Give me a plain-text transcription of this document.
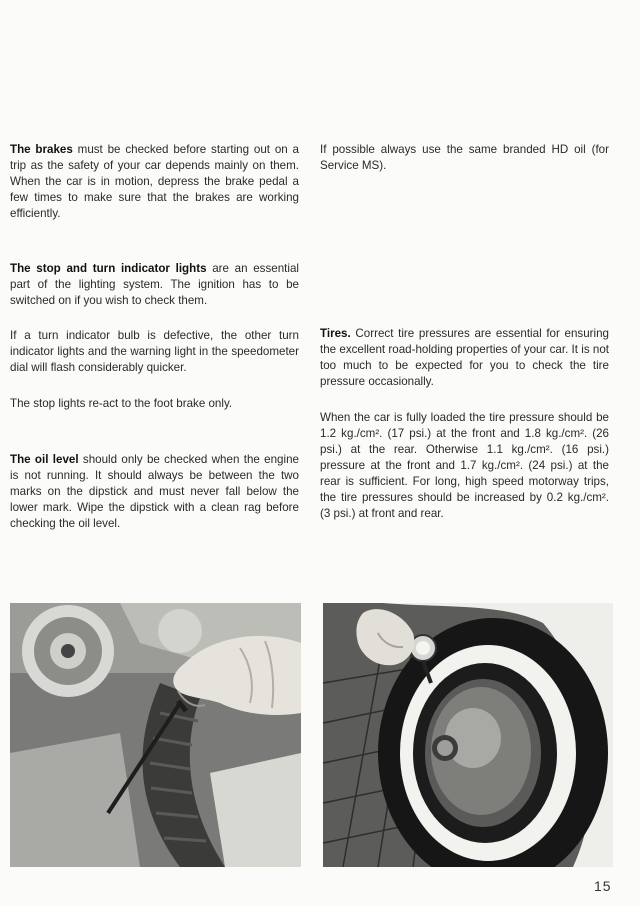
The brakes must be checked before starting out on a trip as the safety of your car depends mainly on them. When the car is in motion, depress the brake pedal a few times to make sure that the brakes are working efficiently.

The stop and turn indicator lights are an essential part of the lighting system. The ignition has to be switched on if you wish to check them.

If a turn indicator bulb is defective, the other turn indicator lights and the warning light in the speedometer dial will flash considerably quicker.

The stop lights re-act to the foot brake only.

The oil level should only be checked when the engine is not running. It should always be between the two marks on the dipstick and must never fall below the lower mark. Wipe the dipstick with a clean rag before checking the oil level.

If possible always use the same branded HD oil (for Service MS).

Tires. Correct tire pressures are essential for ensuring the excellent road-holding properties of your car. It is not too much to be expected for you to check the tire pressure occasionally.

When the car is fully loaded the tire pressure should be 1.2 kg./cm². (17 psi.) at the front and 1.8 kg./cm². (26 psi.) at the rear. Otherwise 1.1 kg./cm². (16 psi.) pressure at the front and 1.7 kg./cm². (24 psi.) at the rear is sufficient. For long, high speed motorway trips, the tire pressures should be increased by 0.2 kg./cm². (3 psi.) at front and rear.

15
